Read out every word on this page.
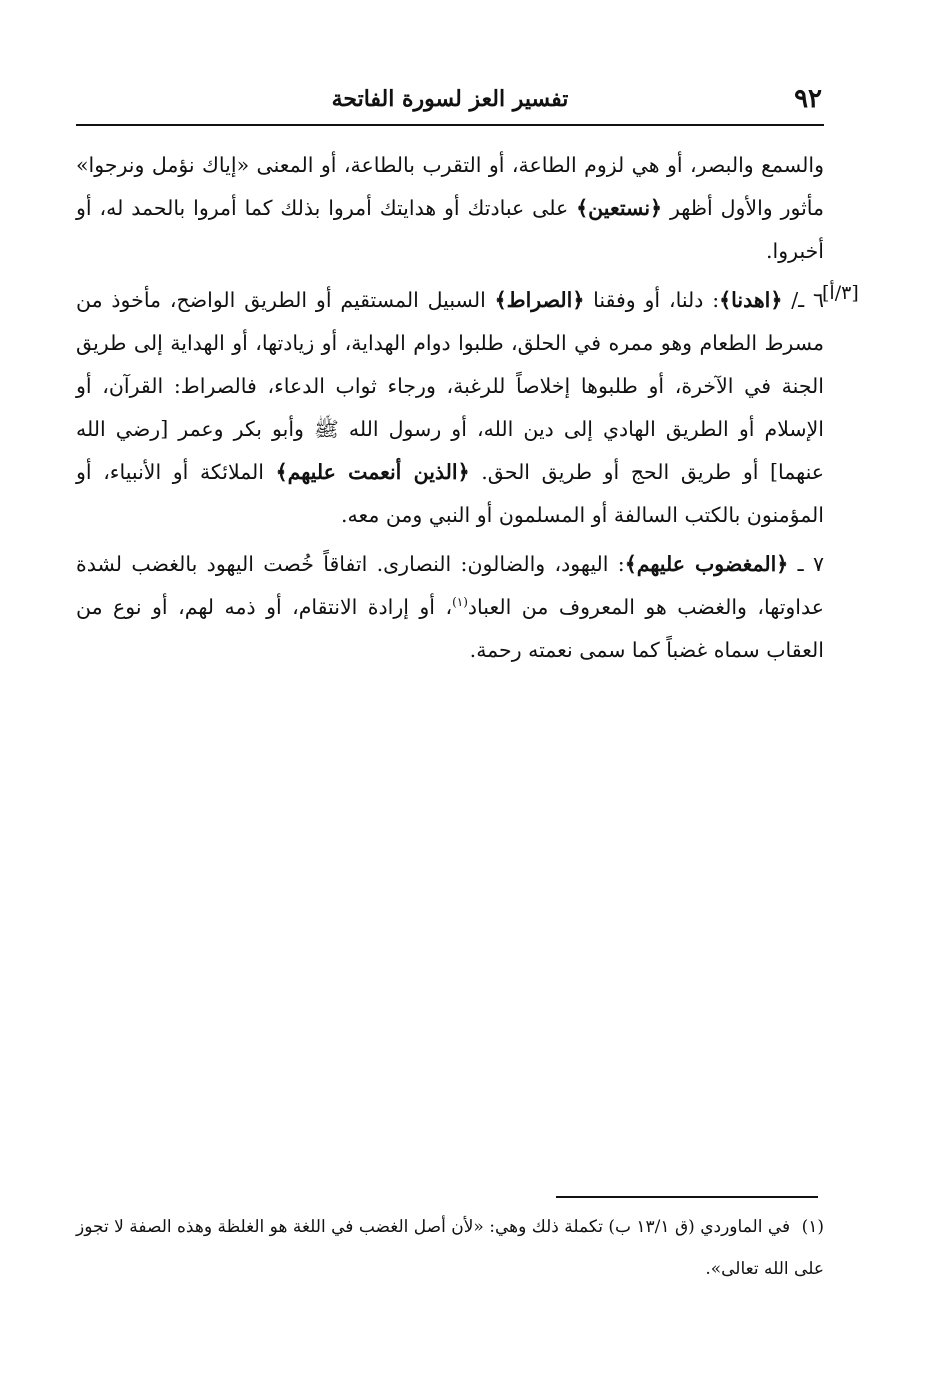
٩٢
تفسير العز لسورة الفاتحة
[٣/أ]

والسمع والبصر، أو هي لزوم الطاعة، أو التقرب بالطاعة، أو المعنى «إياك نؤمل ونرجوا» مأثور والأول أظهر ﴿نستعين﴾ على عبادتك أو هدايتك أمروا بذلك كما أمروا بالحمد له، أو أخبروا.

٦ ـ/ ﴿اهدنا﴾: دلنا، أو وفقنا ﴿الصراط﴾ السبيل المستقيم أو الطريق الواضح، مأخوذ من مسرط الطعام وهو ممره في الحلق، طلبوا دوام الهداية، أو زيادتها، أو الهداية إلى طريق الجنة في الآخرة، أو طلبوها إخلاصاً للرغبة، ورجاء ثواب الدعاء، فالصراط: القرآن، أو الإسلام أو الطريق الهادي إلى دين الله، أو رسول الله ﷺ وأبو بكر وعمر [رضي الله عنهما] أو طريق الحج أو طريق الحق. ﴿الذين أنعمت عليهم﴾ الملائكة أو الأنبياء، أو المؤمنون بالكتب السالفة أو المسلمون أو النبي ومن معه.

٧ ـ ﴿المغضوب عليهم﴾: اليهود، والضالون: النصارى. اتفاقاً خُصت اليهود بالغضب لشدة عداوتها، والغضب هو المعروف من العباد$^{(١)}$، أو إرادة الانتقام، أو ذمه لهم، أو نوع من العقاب سماه غضباً كما سمى نعمته رحمة.

(١) في الماوردي (ق ١٣/١ ب) تكملة ذلك وهي: «لأن أصل الغضب في اللغة هو الغلظة وهذه الصفة لا تجوز على الله تعالى».
